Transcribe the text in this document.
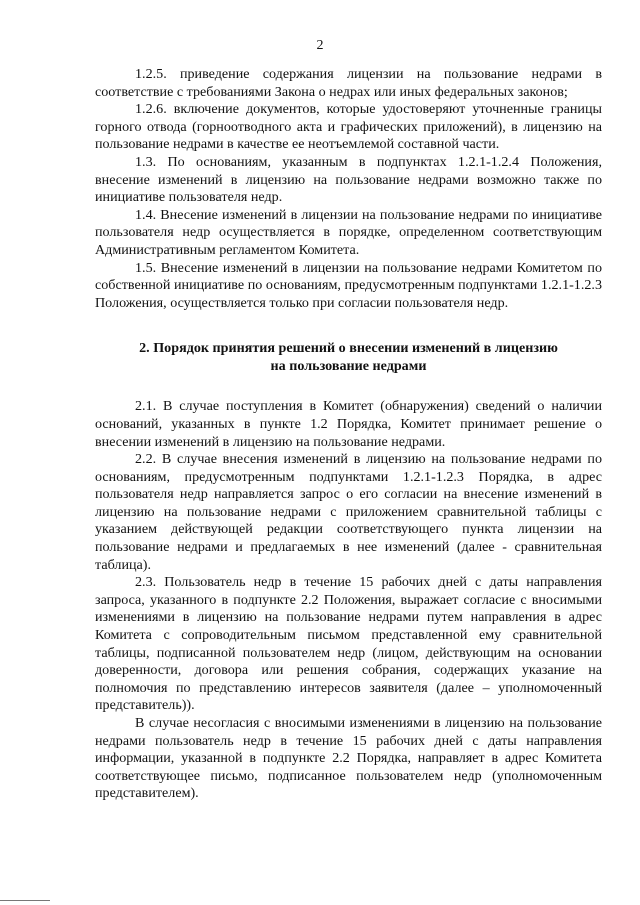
2

1.2.5. приведение содержания лицензии на пользование недрами в соответствие с требованиями Закона о недрах или иных федеральных законов;

1.2.6. включение документов, которые удостоверяют уточненные границы горного отвода (горноотводного акта и графических приложений), в лицензию на пользование недрами в качестве ее неотъемлемой составной части.

1.3. По основаниям, указанным в подпунктах 1.2.1-1.2.4 Положения, внесение изменений в лицензию на пользование недрами возможно также по инициативе пользователя недр.

1.4. Внесение изменений в лицензии на пользование недрами по инициативе пользователя недр осуществляется в порядке, определенном соответствующим Административным регламентом Комитета.

1.5. Внесение изменений в лицензии на пользование недрами Комитетом по собственной инициативе по основаниям, предусмотренным подпунктами 1.2.1-1.2.3 Положения, осуществляется только при согласии пользователя недр.

2. Порядок принятия решений о внесении изменений в лицензию
на пользование недрами

2.1. В случае поступления в Комитет (обнаружения) сведений о наличии оснований, указанных в пункте 1.2 Порядка, Комитет принимает решение о внесении изменений в лицензию на пользование недрами.

2.2. В случае внесения изменений в лицензию на пользование недрами по основаниям, предусмотренным подпунктами 1.2.1-1.2.3 Порядка, в адрес пользователя недр направляется запрос о его согласии на внесение изменений в лицензию на пользование недрами с приложением сравнительной таблицы с указанием действующей редакции соответствующего пункта лицензии на пользование недрами и предлагаемых в нее изменений (далее - сравнительная таблица).

2.3. Пользователь недр в течение 15 рабочих дней с даты направления запроса, указанного в подпункте 2.2 Положения, выражает согласие с вносимыми изменениями в лицензию на пользование недрами путем направления в адрес Комитета с сопроводительным письмом представленной ему сравнительной таблицы, подписанной пользователем недр (лицом, действующим на основании доверенности, договора или решения собрания, содержащих указание на полномочия по представлению интересов заявителя (далее – уполномоченный представитель)).

В случае несогласия с вносимыми изменениями в лицензию на пользование недрами пользователь недр в течение 15 рабочих дней с даты направления информации, указанной в подпункте 2.2 Порядка, направляет в адрес Комитета соответствующее письмо, подписанное пользователем недр (уполномоченным представителем).
